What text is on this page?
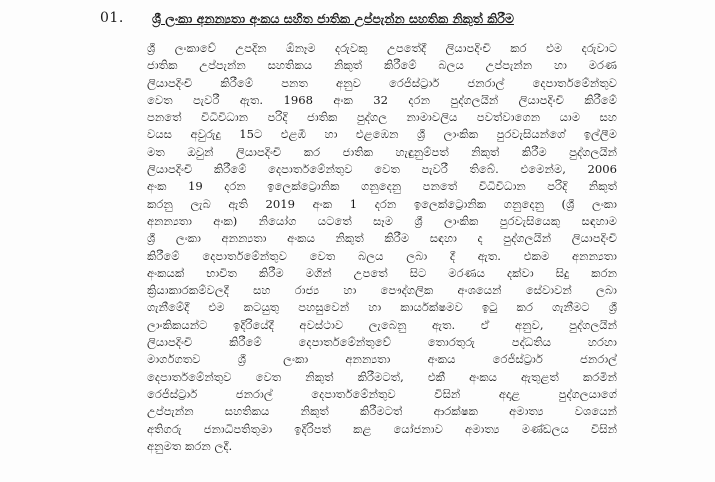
01. ශ්‍රී ලංකා අනන්‍යතා අංකය සහිත ජාතික උප්පැන්න සහතික නිකුත් කිරීම
ශ්‍රී ලංකාවේ උපදින ඕනෑම දරුවකු උපතේදී ලියාපදිංචි කර එම දරුවාට
ජාතික උප්පැන්න සහතිකය නිකුත් කිරීමේ බලය උප්පැන්න හා මරණ
ලියාපදිංචි කිරීමේ පනත අනුව රෙජිස්ට්‍රාර් ජනරාල් දෙපාර්තමේන්තුව
වෙත පැවරී ඇත. 1968 අංක 32 දරන පුද්ගලයින් ලියාපදිංචි කිරීමේ
පනතේ විධිවිධාන පරිදි ජාතික පුද්ගල නාමාවලිය පවත්වාගෙන යාම සහ
වයස අවුරුදු 15ට එළඹී හා එළඹෙන ශ්‍රී ලාංකික පුරවැසියන්ගේ ඉල්ලීම
මත ඔවුන් ලියාපදිංචි කර ජාතික හැඳුනුම්පත් නිකුත් කිරීම පුද්ගලයින්
ලියාපදිංචි කිරීමේ දෙපාර්තමේන්තුව වෙත පැවරී තිබේ. එමෙන්ම, 2006
අංක 19 දරන ඉලෙක්ට්‍රොනික ගනුදෙනු පනතේ විධිවිධාන පරිදි නිකුත්
කරනු ලැබ ඇති 2019 අංක 1 දරන ඉලෙක්ට්‍රොනික ගනුදෙනු (ශ්‍රී ලංකා
අනන්‍යතා අංක) නියෝග යටතේ සෑම ශ්‍රී ලාංකික පුරවැසියෙකු සඳහාම
ශ්‍රී ලංකා අනන්‍යතා අංකය නිකුත් කිරීම සඳහා ද පුද්ගලයින් ලියාපදිංචි
කිරීමේ දෙපාර්තමේන්තුව වෙත බලය ලබා දී ඇත. එකම අනන්‍යතා
අංකයක් භාවිත කිරීම මගින් උපතේ සිට මරණය දක්වා සිදු කරන
ක්‍රියාකාරකම්වලදී සහ රාජ්‍ය හා පෞද්ගලික අංශයෙන් සේවාවන් ලබා
ගැනීමේදී එම කටයුතු පහසුවෙන් හා කාර්යක්ෂමව ඉටු කර ගැනීමට ශ්‍රී
ලාංකිකයන්ට ඉදිරියේදී අවස්ථාව ලැබෙනු ඇත. ඒ අනුව, පුද්ගලයින්
ලියාපදිංචි කිරීමේ දෙපාර්තමේන්තුවේ තොරතුරු පද්ධතිය හරහා
මාර්ගගතව ශ්‍රී ලංකා අනන්‍යතා අංකය රෙජිස්ට්‍රාර් ජනරාල්
දෙපාර්තමේන්තුව වෙත නිකුත් කිරීමටත්, එකී අංකය ඇතුළත් කරමින්
රෙජිස්ට්‍රාර් ජනරාල් දෙපාර්තමේන්තුව විසින් අදාළ පුද්ගලයාගේ
උප්පැන්න සහතිකය නිකුත් කිරීමටත් ආරක්ෂක අමාත්‍ය වශයෙන්
අතිගරු ජනාධිපතිතුමා ඉදිරිපත් කළ යෝජනාව අමාත්‍ය මණ්ඩලය විසින්
අනුමත කරන ලදී.
